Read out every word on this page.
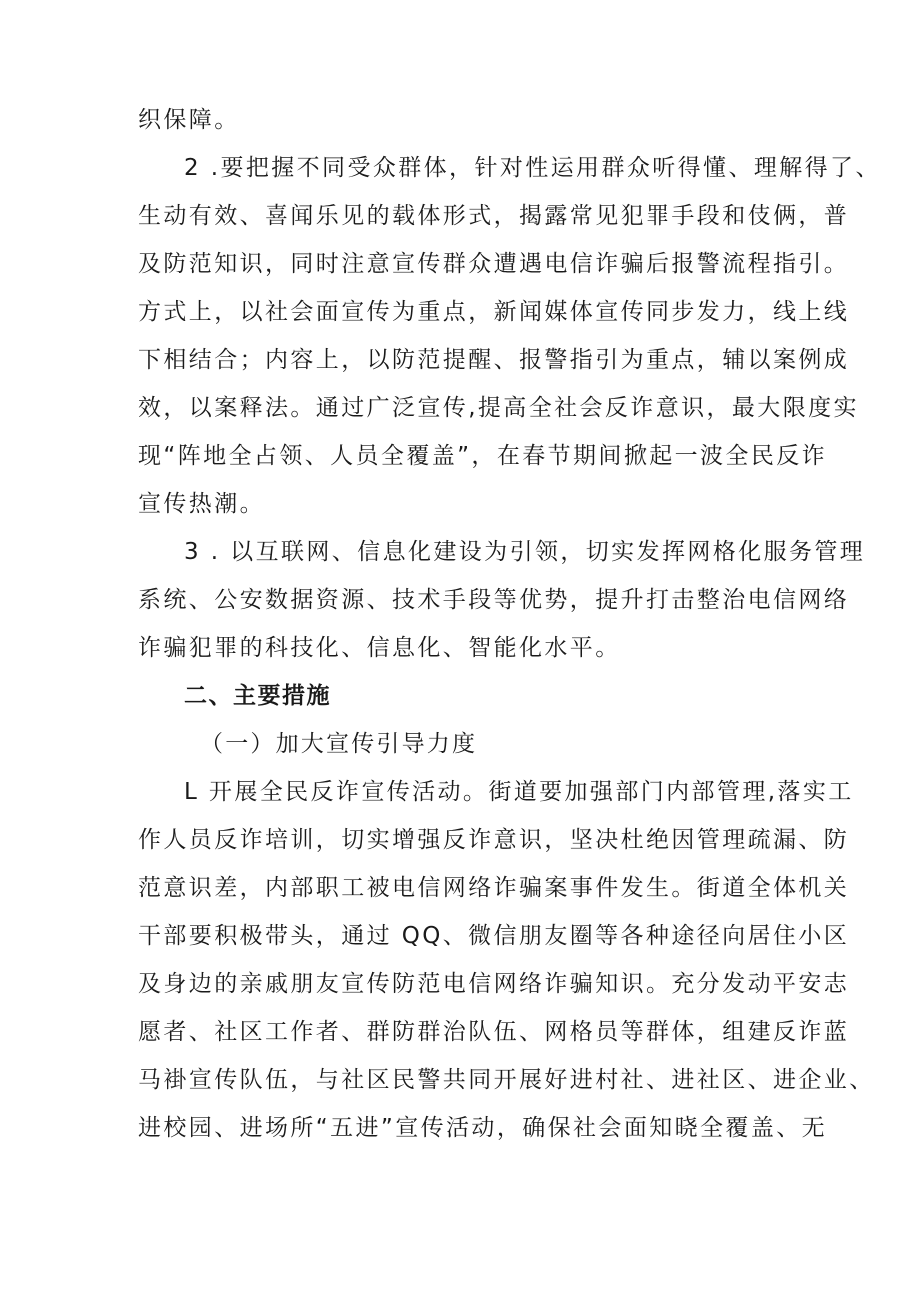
织保障。
2 .要把握不同受众群体，针对性运用群众听得懂、理解得了、
生动有效、喜闻乐见的载体形式，揭露常见犯罪手段和伎俩，普
及防范知识，同时注意宣传群众遭遇电信诈骗后报警流程指引。
方式上，以社会面宣传为重点，新闻媒体宣传同步发力，线上线
下相结合；内容上，以防范提醒、报警指引为重点，辅以案例成
效，以案释法。通过广泛宣传,提高全社会反诈意识，最大限度实
现“阵地全占领、人员全覆盖”，在春节期间掀起一波全民反诈
宣传热潮。
3 . 以互联网、信息化建设为引领，切实发挥网格化服务管理
系统、公安数据资源、技术手段等优势，提升打击整治电信网络
诈骗犯罪的科技化、信息化、智能化水平。
二、主要措施
（一）加大宣传引导力度
L 开展全民反诈宣传活动。街道要加强部门内部管理,落实工
作人员反诈培训，切实增强反诈意识，坚决杜绝因管理疏漏、防
范意识差，内部职工被电信网络诈骗案事件发生。街道全体机关
干部要积极带头，通过 QQ、微信朋友圈等各种途径向居住小区
及身边的亲戚朋友宣传防范电信网络诈骗知识。充分发动平安志
愿者、社区工作者、群防群治队伍、网格员等群体，组建反诈蓝
马褂宣传队伍，与社区民警共同开展好进村社、进社区、进企业、
进校园、进场所“五进”宣传活动，确保社会面知晓全覆盖、无
